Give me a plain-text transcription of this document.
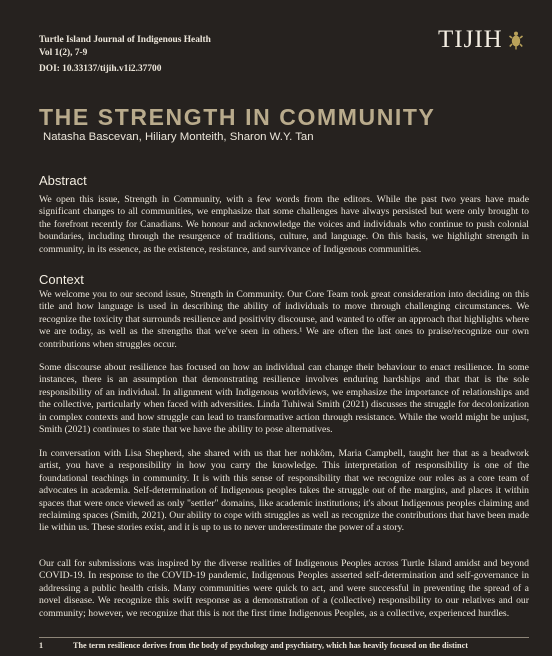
Turtle Island Journal of Indigenous Health
Vol 1(2), 7-9
DOI: 10.33137/tijih.v1i2.37700
TIJIH
THE STRENGTH IN COMMUNITY
Natasha Bascevan, Hiliary Monteith, Sharon W.Y. Tan
Abstract

We open this issue, Strength in Community, with a few words from the editors. While the past two years have made significant changes to all communities, we emphasize that some challenges have always persisted but were only brought to the forefront recently for Canadians. We honour and acknowledge the voices and individuals who continue to push colonial boundaries, including through the resurgence of traditions, culture, and language. On this basis, we highlight strength in community, in its essence, as the existence, resistance, and survivance of Indigenous communities.

Context

We welcome you to our second issue, Strength in Community. Our Core Team took great consideration into deciding on this title and how language is used in describing the ability of individuals to move through challenging circumstances. We recognize the toxicity that surrounds resilience and positivity discourse, and wanted to offer an approach that highlights where we are today, as well as the strengths that we've seen in others.¹ We are often the last ones to praise/recognize our own contributions when struggles occur.

Some discourse about resilience has focused on how an individual can change their behaviour to enact resilience. In some instances, there is an assumption that demonstrating resilience involves enduring hardships and that that is the sole responsibility of an individual. In alignment with Indigenous worldviews, we emphasize the importance of relationships and the collective, particularly when faced with adversities. Linda Tuhiwai Smith (2021) discusses the struggle for decolonization in complex contexts and how struggle can lead to transformative action through resistance. While the world might be unjust, Smith (2021) continues to state that we have the ability to pose alternatives.

In conversation with Lisa Shepherd, she shared with us that her nohkôm, Maria Campbell, taught her that as a beadwork artist, you have a responsibility in how you carry the knowledge. This interpretation of responsibility is one of the foundational teachings in community. It is with this sense of responsibility that we recognize our roles as a core team of advocates in academia. Self-determination of Indigenous peoples takes the struggle out of the margins, and places it within spaces that were once viewed as only "settler" domains, like academic institutions; it's about Indigenous peoples claiming and reclaiming spaces (Smith, 2021). Our ability to cope with struggles as well as recognize the contributions that have been made lie within us. These stories exist, and it is up to us to never underestimate the power of a story.

Our call for submissions was inspired by the diverse realities of Indigenous Peoples across Turtle Island amidst and beyond COVID-19. In response to the COVID-19 pandemic, Indigenous Peoples asserted self-determination and self-governance in addressing a public health crisis. Many communities were quick to act, and were successful in preventing the spread of a novel disease. We recognize this swift response as a demonstration of a (collective) responsibility to our relatives and our community; however, we recognize that this is not the first time Indigenous Peoples, as a collective, experienced hurdles.

1	The term resilience derives from the body of psychology and psychiatry, which has heavily focused on the distinct
